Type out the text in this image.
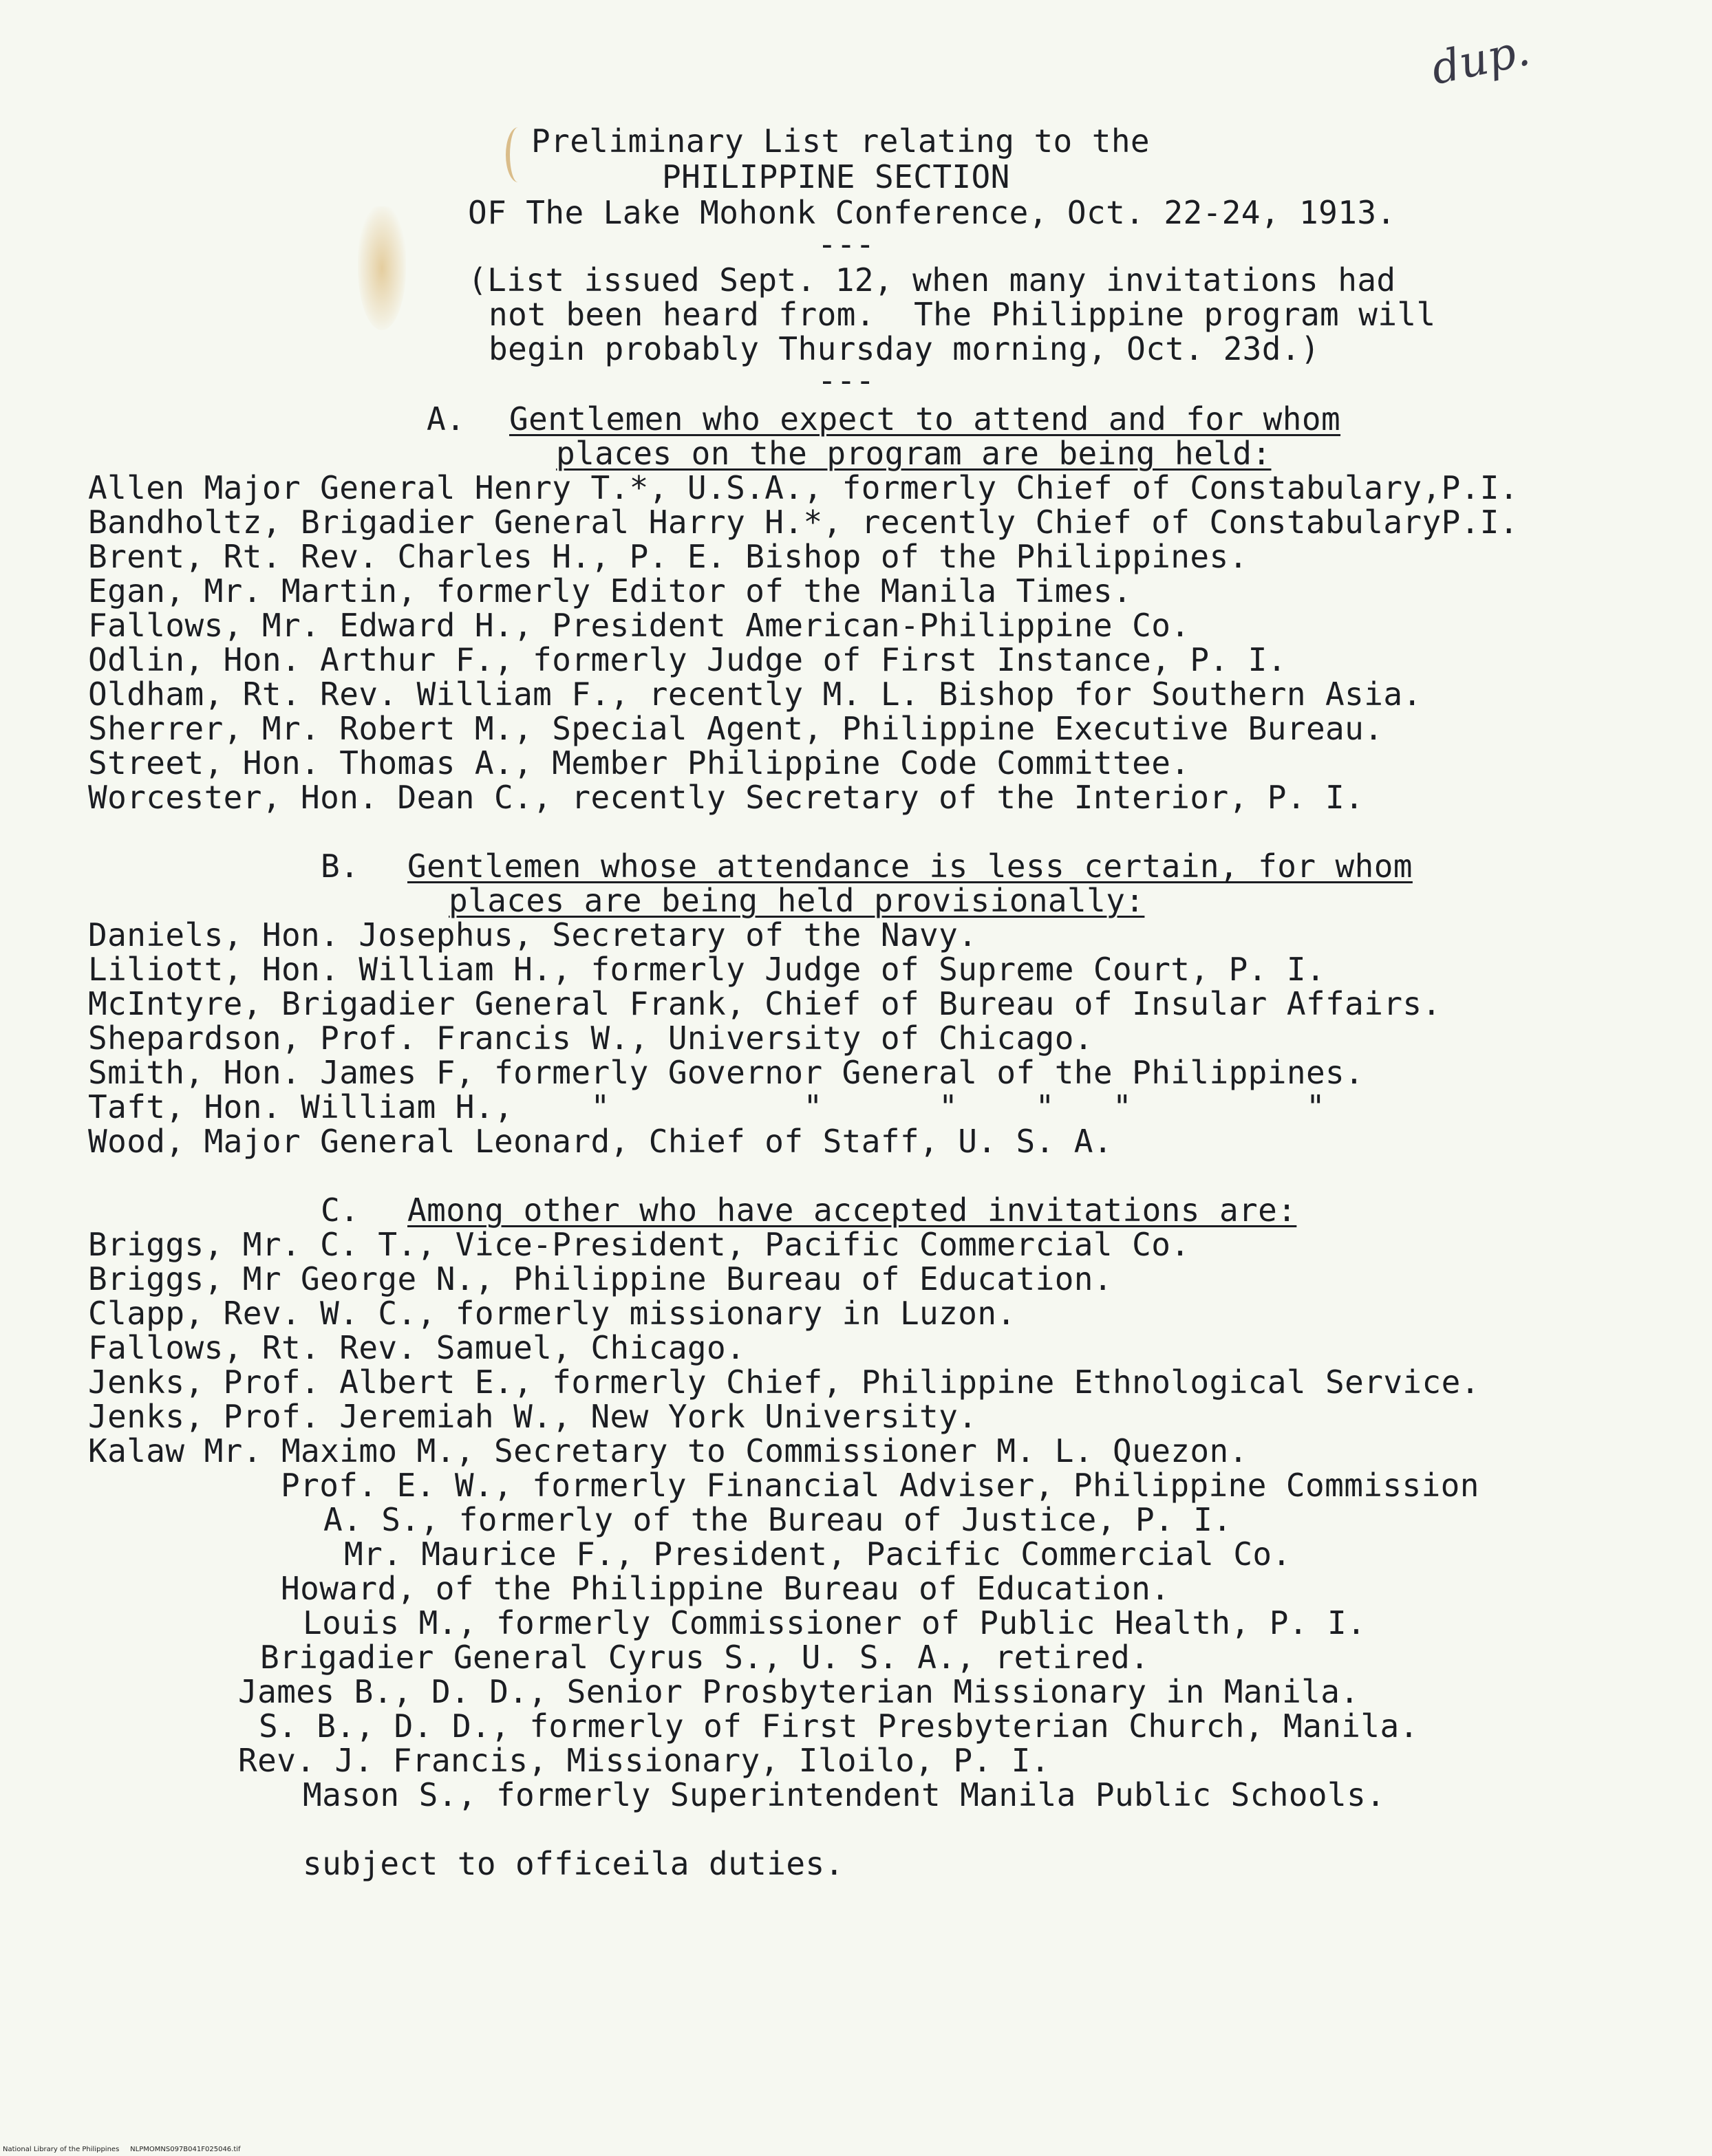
dup.
Preliminary List relating to the
PHILIPPINE SECTION
OF The Lake Mohonk Conference, Oct. 22-24, 1913.
---
(List issued Sept. 12, when many invitations had
not been heard from.  The Philippine program will
begin probably Thursday morning, Oct. 23d.)
---
A. Gentlemen who expect to attend and for whom
places on the program are being held:
Allen Major General Henry T.*, U.S.A., formerly Chief of Constabulary,P.I.
Bandholtz, Brigadier General Harry H.*, recently Chief of ConstabularyP.I.
Brent, Rt. Rev. Charles H., P. E. Bishop of the Philippines.
Egan, Mr. Martin, formerly Editor of the Manila Times.
Fallows, Mr. Edward H., President American-Philippine Co.
Odlin, Hon. Arthur F., formerly Judge of First Instance, P. I.
Oldham, Rt. Rev. William F., recently M. L. Bishop for Southern Asia.
Sherrer, Mr. Robert M., Special Agent, Philippine Executive Bureau.
Street, Hon. Thomas A., Member Philippine Code Committee.
Worcester, Hon. Dean C., recently Secretary of the Interior, P. I.
B. Gentlemen whose attendance is less certain, for whom
places are being held provisionally:
Daniels, Hon. Josephus, Secretary of the Navy.
Liliott, Hon. William H., formerly Judge of Supreme Court, P. I.
McIntyre, Brigadier General Frank, Chief of Bureau of Insular Affairs.
Shepardson, Prof. Francis W., University of Chicago.
Smith, Hon. James F, formerly Governor General of the Philippines.
Taft, Hon. William H.,    "          "      "    "   "         "
Wood, Major General Leonard, Chief of Staff, U. S. A.
C. Among other who have accepted invitations are:
Briggs, Mr. C. T., Vice-President, Pacific Commercial Co.
Briggs, Mr George N., Philippine Bureau of Education.
Clapp, Rev. W. C., formerly missionary in Luzon.
Fallows, Rt. Rev. Samuel, Chicago.
Jenks, Prof. Albert E., formerly Chief, Philippine Ethnological Service.
Jenks, Prof. Jeremiah W., New York University.
Kalaw Mr. Maximo M., Secretary to Commissioner M. L. Quezon.
Prof. E. W., formerly Financial Adviser, Philippine Commission
A. S., formerly of the Bureau of Justice, P. I.
Mr. Maurice F., President, Pacific Commercial Co.
Howard, of the Philippine Bureau of Education.
Louis M., formerly Commissioner of Public Health, P. I.
Brigadier General Cyrus S., U. S. A., retired.
James B., D. D., Senior Prosbyterian Missionary in Manila.
S. B., D. D., formerly of First Presbyterian Church, Manila.
Rev. J. Francis, Missionary, Iloilo, P. I.
Mason S., formerly Superintendent Manila Public Schools.
subject to officeila duties.
National Library of the Philippines     NLPMOMNS097B041F025046.tif
